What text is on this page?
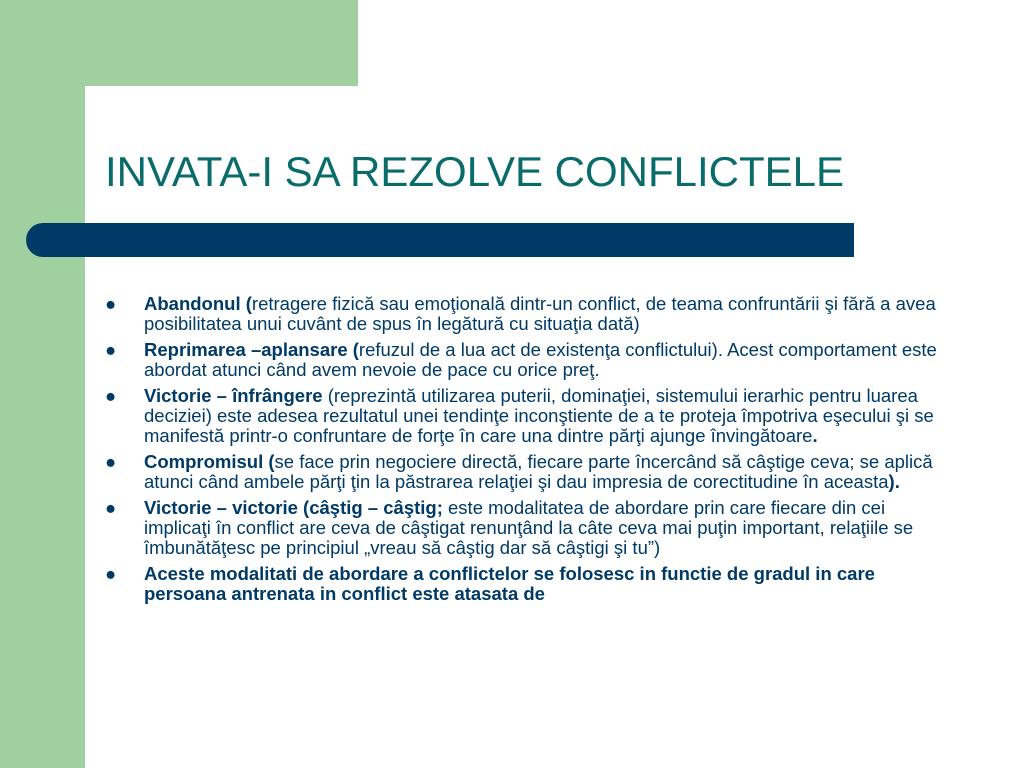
INVATA-I SA REZOLVE CONFLICTELE
● Abandonul (retragere fizică sau emoţională dintr-un conflict, de teama confruntării şi fără a avea posibilitatea unui cuvânt de spus în legătură cu situaţia dată)
● Reprimarea –aplansare (refuzul de a lua act de existenţa conflictului). Acest comportament este abordat atunci când avem nevoie de pace cu orice preţ.
● Victorie – înfrângere (reprezintă utilizarea puterii, dominaţiei, sistemului ierarhic pentru luarea deciziei) este adesea rezultatul unei tendinţe inconştiente de a te proteja împotriva eşecului şi se manifestă printr-o confruntare de forţe în care una dintre părţi ajunge învingătoare.
● Compromisul (se face prin negociere directă, fiecare parte încercând să câştige ceva; se aplică atunci când ambele părţi ţin la păstrarea relaţiei şi dau impresia de corectitudine în aceasta).
● Victorie – victorie (câştig – câştig; este modalitatea de abordare prin care fiecare din cei implicaţi în conflict are ceva de câştigat renunţând la câte ceva mai puţin important, relaţiile se îmbunătăţesc pe principiul „vreau să câştig dar să câştigi şi tu”)
● Aceste modalitati de abordare a conflictelor se folosesc in functie de gradul in care persoana antrenata in conflict este atasata de
